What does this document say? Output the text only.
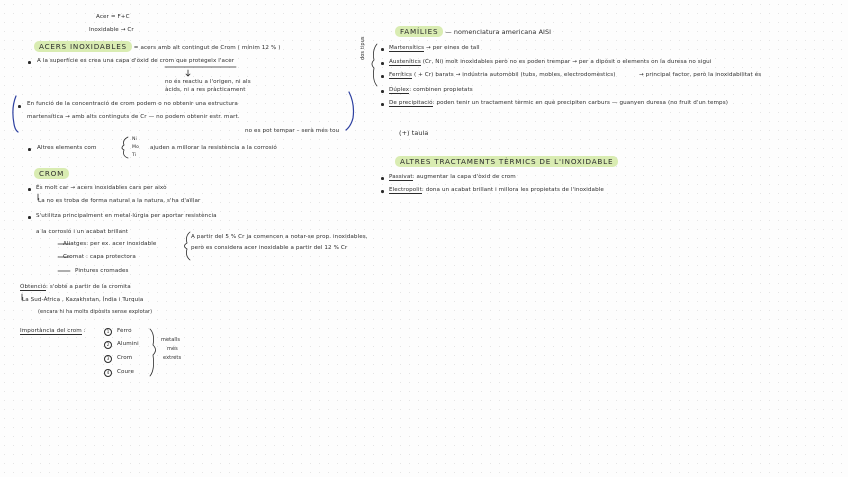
Acer = F+C
Inoxidable → Cr
ACERS INOXIDABLES = acers amb alt contingut de Crom ( mínim 12 % )
A la superfície es crea una capa d'òxid de crom que protegeix l'acer
no és reactiu a l'origen, ni als
àcids, ni a res pràcticament
En funció de la concentració de crom podem o no obtenir una estructura
martensítica → amb alts continguts de Cr — no podem obtenir estr. mart.
no es pot tempar – serà més tou
Altres elements com
Ni
Mo
Ti
ajuden a millorar la resistència a la corrosió
CROM
És molt car → acers inoxidables cars per això
La no es troba de forma natural a la natura, s'ha d'aïllar
S'utilitza principalment en metal·lúrgia per aportar resistència
a la corrosió i un acabat brillant
Aliatges: per ex. acer inoxidable
Cromat : capa protectora
Pintures cromades
A partir del 5 % Cr ja comencen a notar-se prop. inoxidables,
però es considera acer inoxidable a partir del 12 % Cr
Obtenció: s'obté a partir de la cromita
La Sud-Àfrica , Kazakhstan, Índia i Turquia
(encara hi ha molts dipòsits sense explotar)
Importància del crom :	1	Ferro
2	Alumini
3	Crom
4	Coure
metalls
més
extrets
dos tipus
FAMÍLIES — nomenclatura americana AISI
Martensítics → per eines de tall
Austenítics (Cr, Ni) molt inoxidables però no es poden trempar → per a dipòsit o elements on la duresa no sigui
Ferrítics ( + Cr) barats → indústria automòbil (tubs, mobles, electrodomèstics)	→ principal factor, però la inoxidabilitat és
Dúplex: combinen propietats
De precipitació: poden tenir un tractament tèrmic en què precipiten carburs — guanyen duresa (no fruit d'un temps)
(+) taula
ALTRES TRACTAMENTS TÈRMICS DE L'INOXIDABLE
Passivat: augmentar la capa d'òxid de crom
Electropolit: dona un acabat brillant i millora les propietats de l'inoxidable
